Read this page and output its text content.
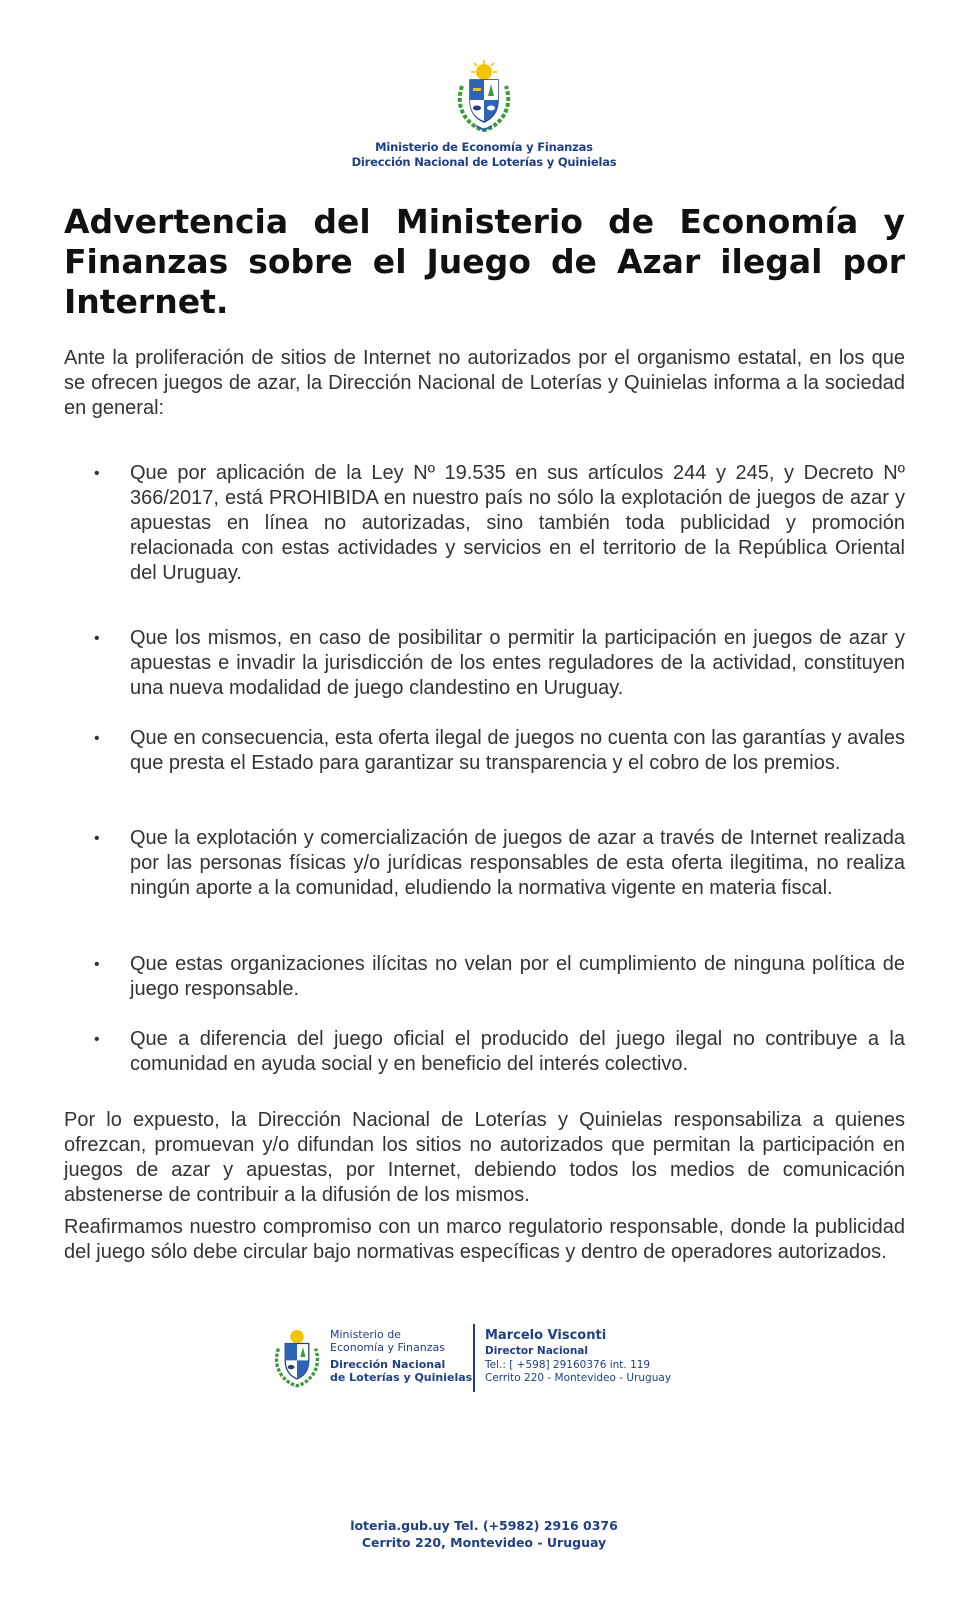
Ministerio de Economía y Finanzas
Dirección Nacional de Loterías y Quinielas
Advertencia del Ministerio de Economía y Finanzas sobre el Juego de Azar ilegal por Internet.

Ante la proliferación de sitios de Internet no autorizados por el organismo estatal, en los que se ofrecen juegos de azar, la Dirección Nacional de Loterías y Quinielas informa a la sociedad en general:

• Que por aplicación de la Ley Nº 19.535 en sus artículos 244 y 245, y Decreto Nº 366/2017, está PROHIBIDA en nuestro país no sólo la explotación de juegos de azar y apuestas en línea no autorizadas, sino también toda publicidad y promoción relacionada con estas actividades y servicios en el territorio de la República Oriental del Uruguay.
• Que los mismos, en caso de posibilitar o permitir la participación en juegos de azar y apuestas e invadir la jurisdicción de los entes reguladores de la actividad, constituyen una nueva modalidad de juego clandestino en Uruguay.
• Que en consecuencia, esta oferta ilegal de juegos no cuenta con las garantías y avales que presta el Estado para garantizar su transparencia y el cobro de los premios.
• Que la explotación y comercialización de juegos de azar a través de Internet realizada por las personas físicas y/o jurídicas responsables de esta oferta ilegitima, no realiza ningún aporte a la comunidad, eludiendo la normativa vigente en materia fiscal.
• Que estas organizaciones ilícitas no velan por el cumplimiento de ninguna política de juego responsable.
• Que a diferencia del juego oficial el producido del juego ilegal no contribuye a la comunidad en ayuda social y en beneficio del interés colectivo.

Por lo expuesto, la Dirección Nacional de Loterías y Quinielas responsabiliza a quienes ofrezcan, promuevan y/o difundan los sitios no autorizados que permitan la participación en juegos de azar y apuestas, por Internet, debiendo todos los medios de comunicación abstenerse de contribuir a la difusión de los mismos.

Reafirmamos nuestro compromiso con un marco regulatorio responsable, donde la publicidad del juego sólo debe circular bajo normativas específicas y dentro de operadores autorizados.

Ministerio de
Economía y Finanzas
Dirección Nacional
de Loterías y Quinielas
Marcelo Visconti
Director Nacional
Tel.: [ +598] 29160376 int. 119
Cerrito 220 - Montevideo - Uruguay
loteria.gub.uy Tel. (+5982) 2916 0376
Cerrito 220, Montevideo - Uruguay
